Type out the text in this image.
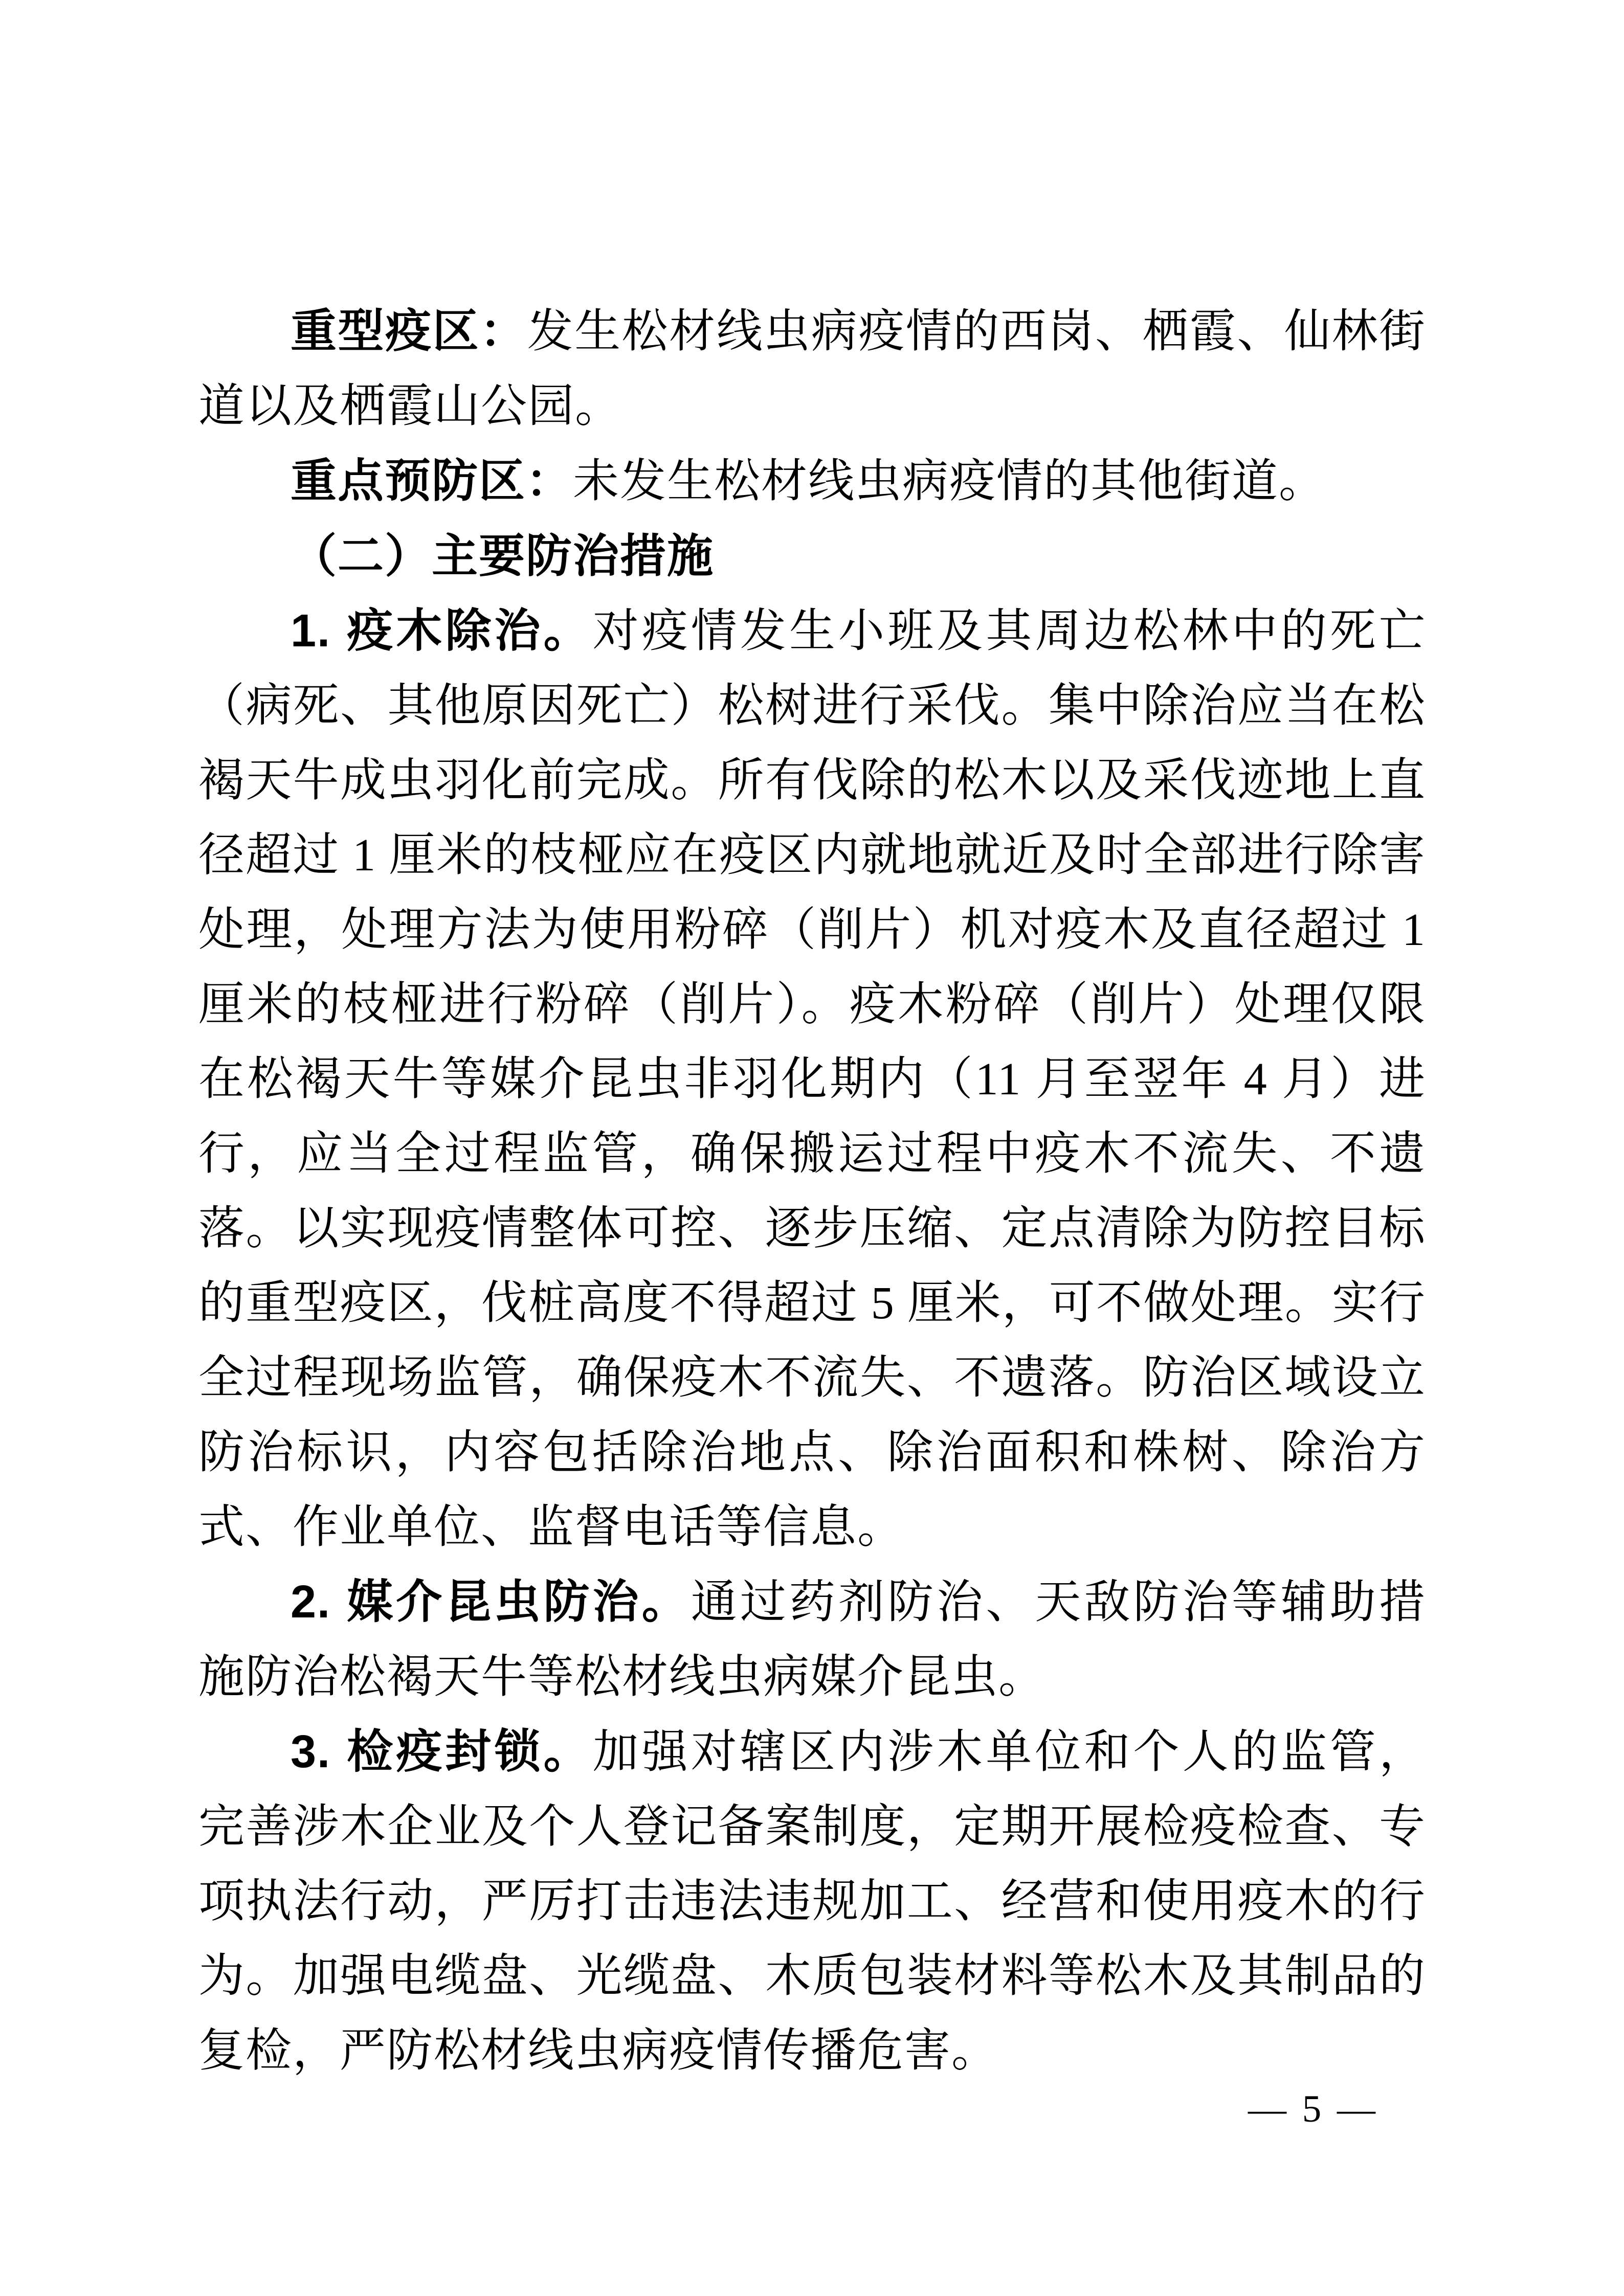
重型疫区：发生松材线虫病疫情的西岗、栖霞、仙林街道以及栖霞山公园。

重点预防区：未发生松材线虫病疫情的其他街道。

（二）主要防治措施

1. 疫木除治。对疫情发生小班及其周边松林中的死亡（病死、其他原因死亡）松树进行采伐。集中除治应当在松褐天牛成虫羽化前完成。所有伐除的松木以及采伐迹地上直径超过 1 厘米的枝桠应在疫区内就地就近及时全部进行除害处理，处理方法为使用粉碎（削片）机对疫木及直径超过 1 厘米的枝桠进行粉碎（削片）。疫木粉碎（削片）处理仅限在松褐天牛等媒介昆虫非羽化期内（11 月至翌年 4 月）进行，应当全过程监管，确保搬运过程中疫木不流失、不遗落。以实现疫情整体可控、逐步压缩、定点清除为防控目标的重型疫区，伐桩高度不得超过 5 厘米，可不做处理。实行全过程现场监管，确保疫木不流失、不遗落。防治区域设立防治标识，内容包括除治地点、除治面积和株树、除治方式、作业单位、监督电话等信息。

2. 媒介昆虫防治。通过药剂防治、天敌防治等辅助措施防治松褐天牛等松材线虫病媒介昆虫。

3. 检疫封锁。加强对辖区内涉木单位和个人的监管，完善涉木企业及个人登记备案制度，定期开展检疫检查、专项执法行动，严厉打击违法违规加工、经营和使用疫木的行为。加强电缆盘、光缆盘、木质包装材料等松木及其制品的复检，严防松材线虫病疫情传播危害。

— 5 —
